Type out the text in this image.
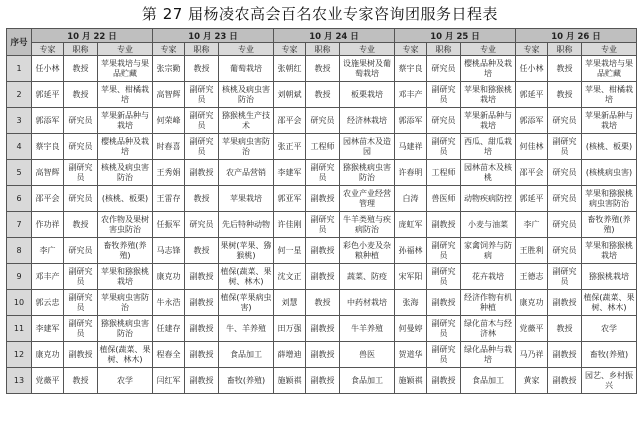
第 27 届杨凌农高会百名农业专家咨询团服务日程表
序号	10 月 22 日			10 月 23 日			10 月 24 日			10 月 25 日			10 月 26 日		
	专家	职称	专业	专家	职称	专业	专家	职称	专业	专家	职称	专业	专家	职称	专业
1	任小林	教授	苹果栽培与果品贮藏	张宗勤	教授	葡萄栽培	张朝红	教授	设施果树及葡萄栽培	蔡宇良	研究员	樱桃品种及栽培	任小林	教授	苹果栽培与果品贮藏
2	郭延平	教授	苹果、柑橘栽培	高智辉	副研究员	核桃及病虫害防治	刘朝斌	教授	板栗栽培	邓丰产	副研究员	苹果和猕猴桃栽培	郭延平	教授	苹果、柑橘栽培
3	郭添军	研究员	苹果新品种与栽培	何荣峰	副研究员	猕猴桃生产技术	邵平会	研究员	经济林栽培	郭添军	研究员	苹果新品种与栽培	郭添军	研究员	苹果新品种与栽培
4	蔡宇良	研究员	樱桃品种及栽培	时春喜	副研究员	苹果病虫害防治	张正平	工程师	园林苗木及造园	马建祥	副研究员	西瓜、甜瓜栽培	何佳林	副研究员	(核桃、板栗)
5	高智辉	副研究员	核桃及病虫害防治	王秀娟	副教授	农产品营销	李建军	副研究员	猕猴桃病虫害防治	许春明	工程师	园林苗木及核桃	邵平会	研究员	(核桃病虫害)
6	邵平会	研究员	(核桃、板栗)	王雷存	教授	苹果栽培	郭亚军	副教授	农业产业经营管理	白涛	兽医师	动物疾病防控	郭延平	研究员	苹果和猕猴桃病虫害防治
7	作功祥	教授	农作物及果树害虫防治	任振军	研究员	先后特种动物	许佳刚	副研究员	牛羊类殖与疾病防治	庞虹军	副教授	小麦与油菜	李广	研究员	畜牧养殖(养殖)
8	李广	研究员	畜牧养殖(养殖)	马志锋	教授	果树(苹果、猕猴桃)	何一星	副教授	彩色小麦及杂粮种植	孙福林	副研究员	家禽饲养与防病	王胜利	研究员	苹果和猕猴桃栽培
9	邓丰产	副研究员	苹果和猕猴桃栽培	康克功	副教授	植保(蔬菜、果树、林木)	沈文正	副教授	蔬菜、防疫	宋军阳	副研究员	花卉栽培	王德志	副研究员	猕猴桃栽培
10	郭云忠	副研究员	苹果病虫害防治	牛永浩	副教授	植保(苹果病虫害)	刘慧	教授	中药材栽培	张海	副教授	经济作物有机种植	康克功	副教授	植保(蔬菜、果树、林木)
11	李建军	副研究员	猕猴桃病虫害防治	任建存	副教授	牛、羊养殖	田万强	副教授	牛羊养殖	何曼婷	副研究员	绿化苗木与经济林	党薇平	教授	农学
12	康克功	副教授	植保(蔬菜、果树、林木)	程春全	副教授	食品加工	薛增迪	副教授	兽医	贺道华	副研究员	绿化品种与栽培	马乃祥	副教授	畜牧(养殖)
13	党薇平	教授	农学	闫红军	副教授	畜牧(养殖)	施颖祺	副教授	食品加工	施颖祺	副教授	食品加工	黄家	副教授	园艺、乡村振兴
